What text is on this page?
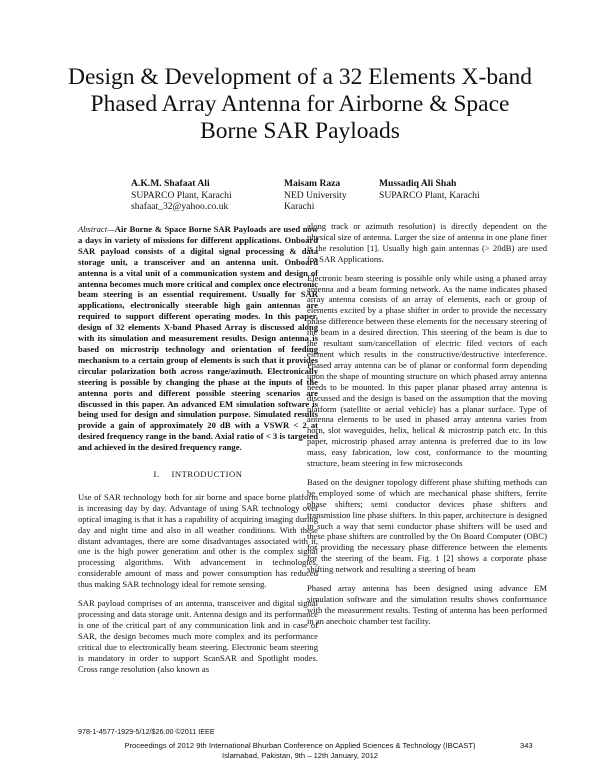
Design & Development of a 32 Elements X-band Phased Array Antenna for Airborne & Space Borne SAR Payloads
A.K.M. Shafaat Ali
SUPARCO Plant, Karachi
shafaat_32@yahoo.co.uk
Maisam Raza
NED University Karachi
Mussadiq Ali Shah
SUPARCO Plant, Karachi

Abstract—Air Borne & Space Borne SAR Payloads are used now a days in variety of missions for different applications. Onboard SAR payload consists of a digital signal processing & data storage unit, a transceiver and an antenna unit. Onboard antenna is a vital unit of a communication system and design of antenna becomes much more critical and complex once electronic beam steering is an essential requirement. Usually for SAR applications, electronically steerable high gain antennas are required to support different operating modes. In this paper, design of 32 elements X-band Phased Array is discussed along with its simulation and measurement results. Design antenna is based on microstrip technology and orientation of feeding mechanism to a certain group of elements is such that it provides circular polarization both across range/azimuth. Electronically steering is possible by changing the phase at the inputs of the antenna ports and different possible steering scenarios are discussed in this paper. An advanced EM simulation software is being used for design and simulation purpose. Simulated results provide a gain of approximately 20 dB with a VSWR < 2 at desired frequency range in the band. Axial ratio of < 3 is targeted and achieved in the desired frequency range.

I. INTRODUCTION

Use of SAR technology both for air borne and space borne platform is increasing day by day. Advantage of using SAR technology over optical imaging is that it has a capability of acquiring imaging during day and night time and also in all weather conditions. With these distant advantages, there are some disadvantages associated with it, one is the high power generation and other is the complex signal processing algorithms. With advancement in technologies, considerable amount of mass and power consumption has reduced thus making SAR technology ideal for remote sensing.

SAR payload comprises of an antenna, transceiver and digital signal processing and data storage unit. Antenna design and its performance is one of the critical part of any communication link and in case of SAR, the design becomes much more complex and its performance critical due to electronically beam steering. Electronic beam steering is mandatory in order to support ScanSAR and Spotlight modes. Cross range resolution (also known as

along track or azimuth resolution) is directly dependent on the physical size of antenna. Larger the size of antenna in one plane finer is the resolution [1]. Usually high gain antennas (> 20dB) are used for SAR Applications.

Electronic beam steering is possible only while using a phased array antenna and a beam forming network. As the name indicates phased array antenna consists of an array of elements, each or group of elements excited by a phase shifter in order to provide the necessary phase difference between these elements for the necessary steering of the beam in a desired direction. This steering of the beam is due to the resultant sum/cancellation of electric filed vectors of each element which results in the constructive/destructive interference. Phased array antenna can be of planar or conformal form depending upon the shape of mounting structure on which phased array antenna needs to be mounted. In this paper planar phased array antenna is discussed and the design is based on the assumption that the moving platform (satellite or aerial vehicle) has a planar surface. Type of antenna elements to be used in phased array antenna varies from horn, slot waveguides, helix, helical & microstrip patch etc. In this paper, microstrip phased array antenna is preferred due to its low mass, easy fabrication, low cost, conformance to the mounting structure, beam steering in few microseconds

Based on the designer topology different phase shifting methods can be employed some of which are mechanical phase shifters, ferrite phase shifters; semi conductor devices phase shifters and transmission line phase shifters. In this paper, architecture is designed in such a way that semi conductor phase shifters will be used and these phase shifters are controlled by the On Board Computer (OBC) for providing the necessary phase difference between the elements for the steering of the beam. Fig. 1 [2] shows a corporate phase shifting network and resulting a steering of beam

Phased array antenna has been designed using advance EM simulation software and the simulation results shows conformance with the measurement results. Testing of antenna has been performed in an anechoic chamber test facility.

978-1-4577-1929-5/12/$26.00 ©2011 IEEE
Proceedings of 2012 9th International Bhurban Conference on Applied Sciences & Technology (IBCAST)
Islamabad, Pakistan, 9th – 12th January, 2012
343
